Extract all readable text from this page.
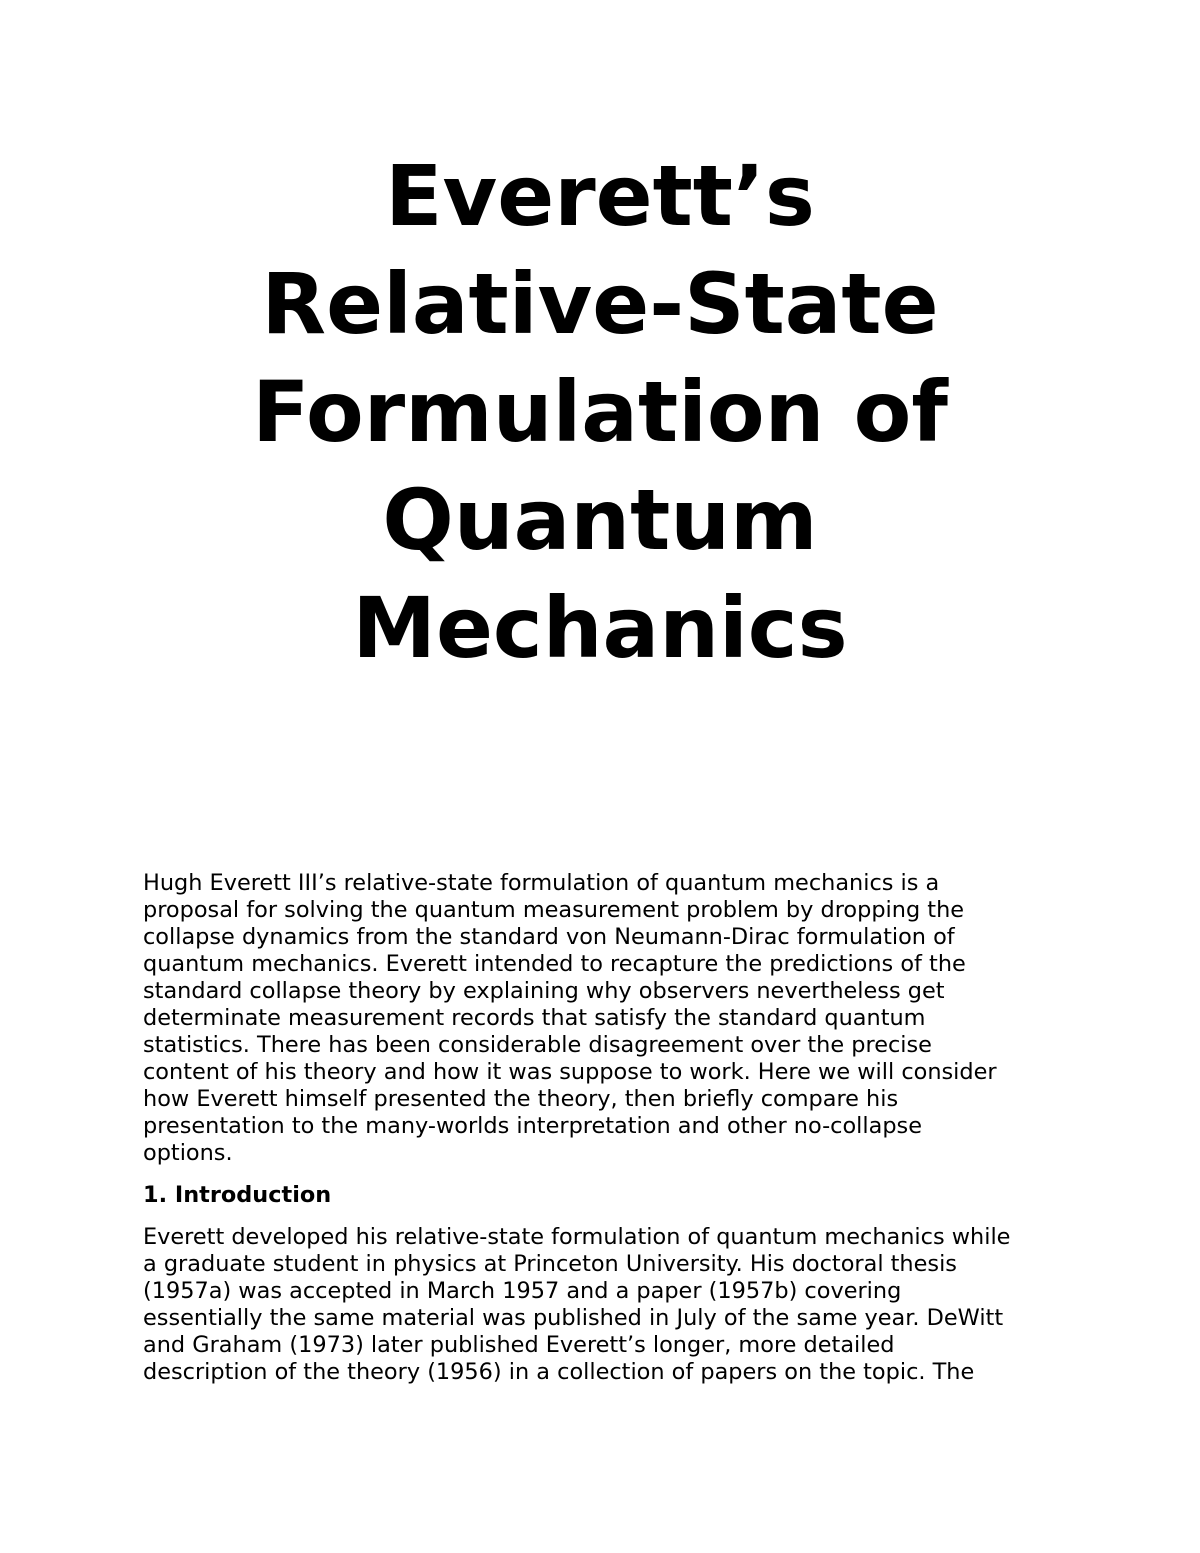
Everett’s
Relative-State
Formulation of
Quantum
Mechanics
Hugh Everett III’s relative-state formulation of quantum mechanics is a
proposal for solving the quantum measurement problem by dropping the
collapse dynamics from the standard von Neumann-Dirac formulation of
quantum mechanics. Everett intended to recapture the predictions of the
standard collapse theory by explaining why observers nevertheless get
determinate measurement records that satisfy the standard quantum
statistics. There has been considerable disagreement over the precise
content of his theory and how it was suppose to work. Here we will consider
how Everett himself presented the theory, then briefly compare his
presentation to the many-worlds interpretation and other no-collapse
options.
1. Introduction
Everett developed his relative-state formulation of quantum mechanics while
a graduate student in physics at Princeton University. His doctoral thesis
(1957a) was accepted in March 1957 and a paper (1957b) covering
essentially the same material was published in July of the same year. DeWitt
and Graham (1973) later published Everett’s longer, more detailed
description of the theory (1956) in a collection of papers on the topic. The
